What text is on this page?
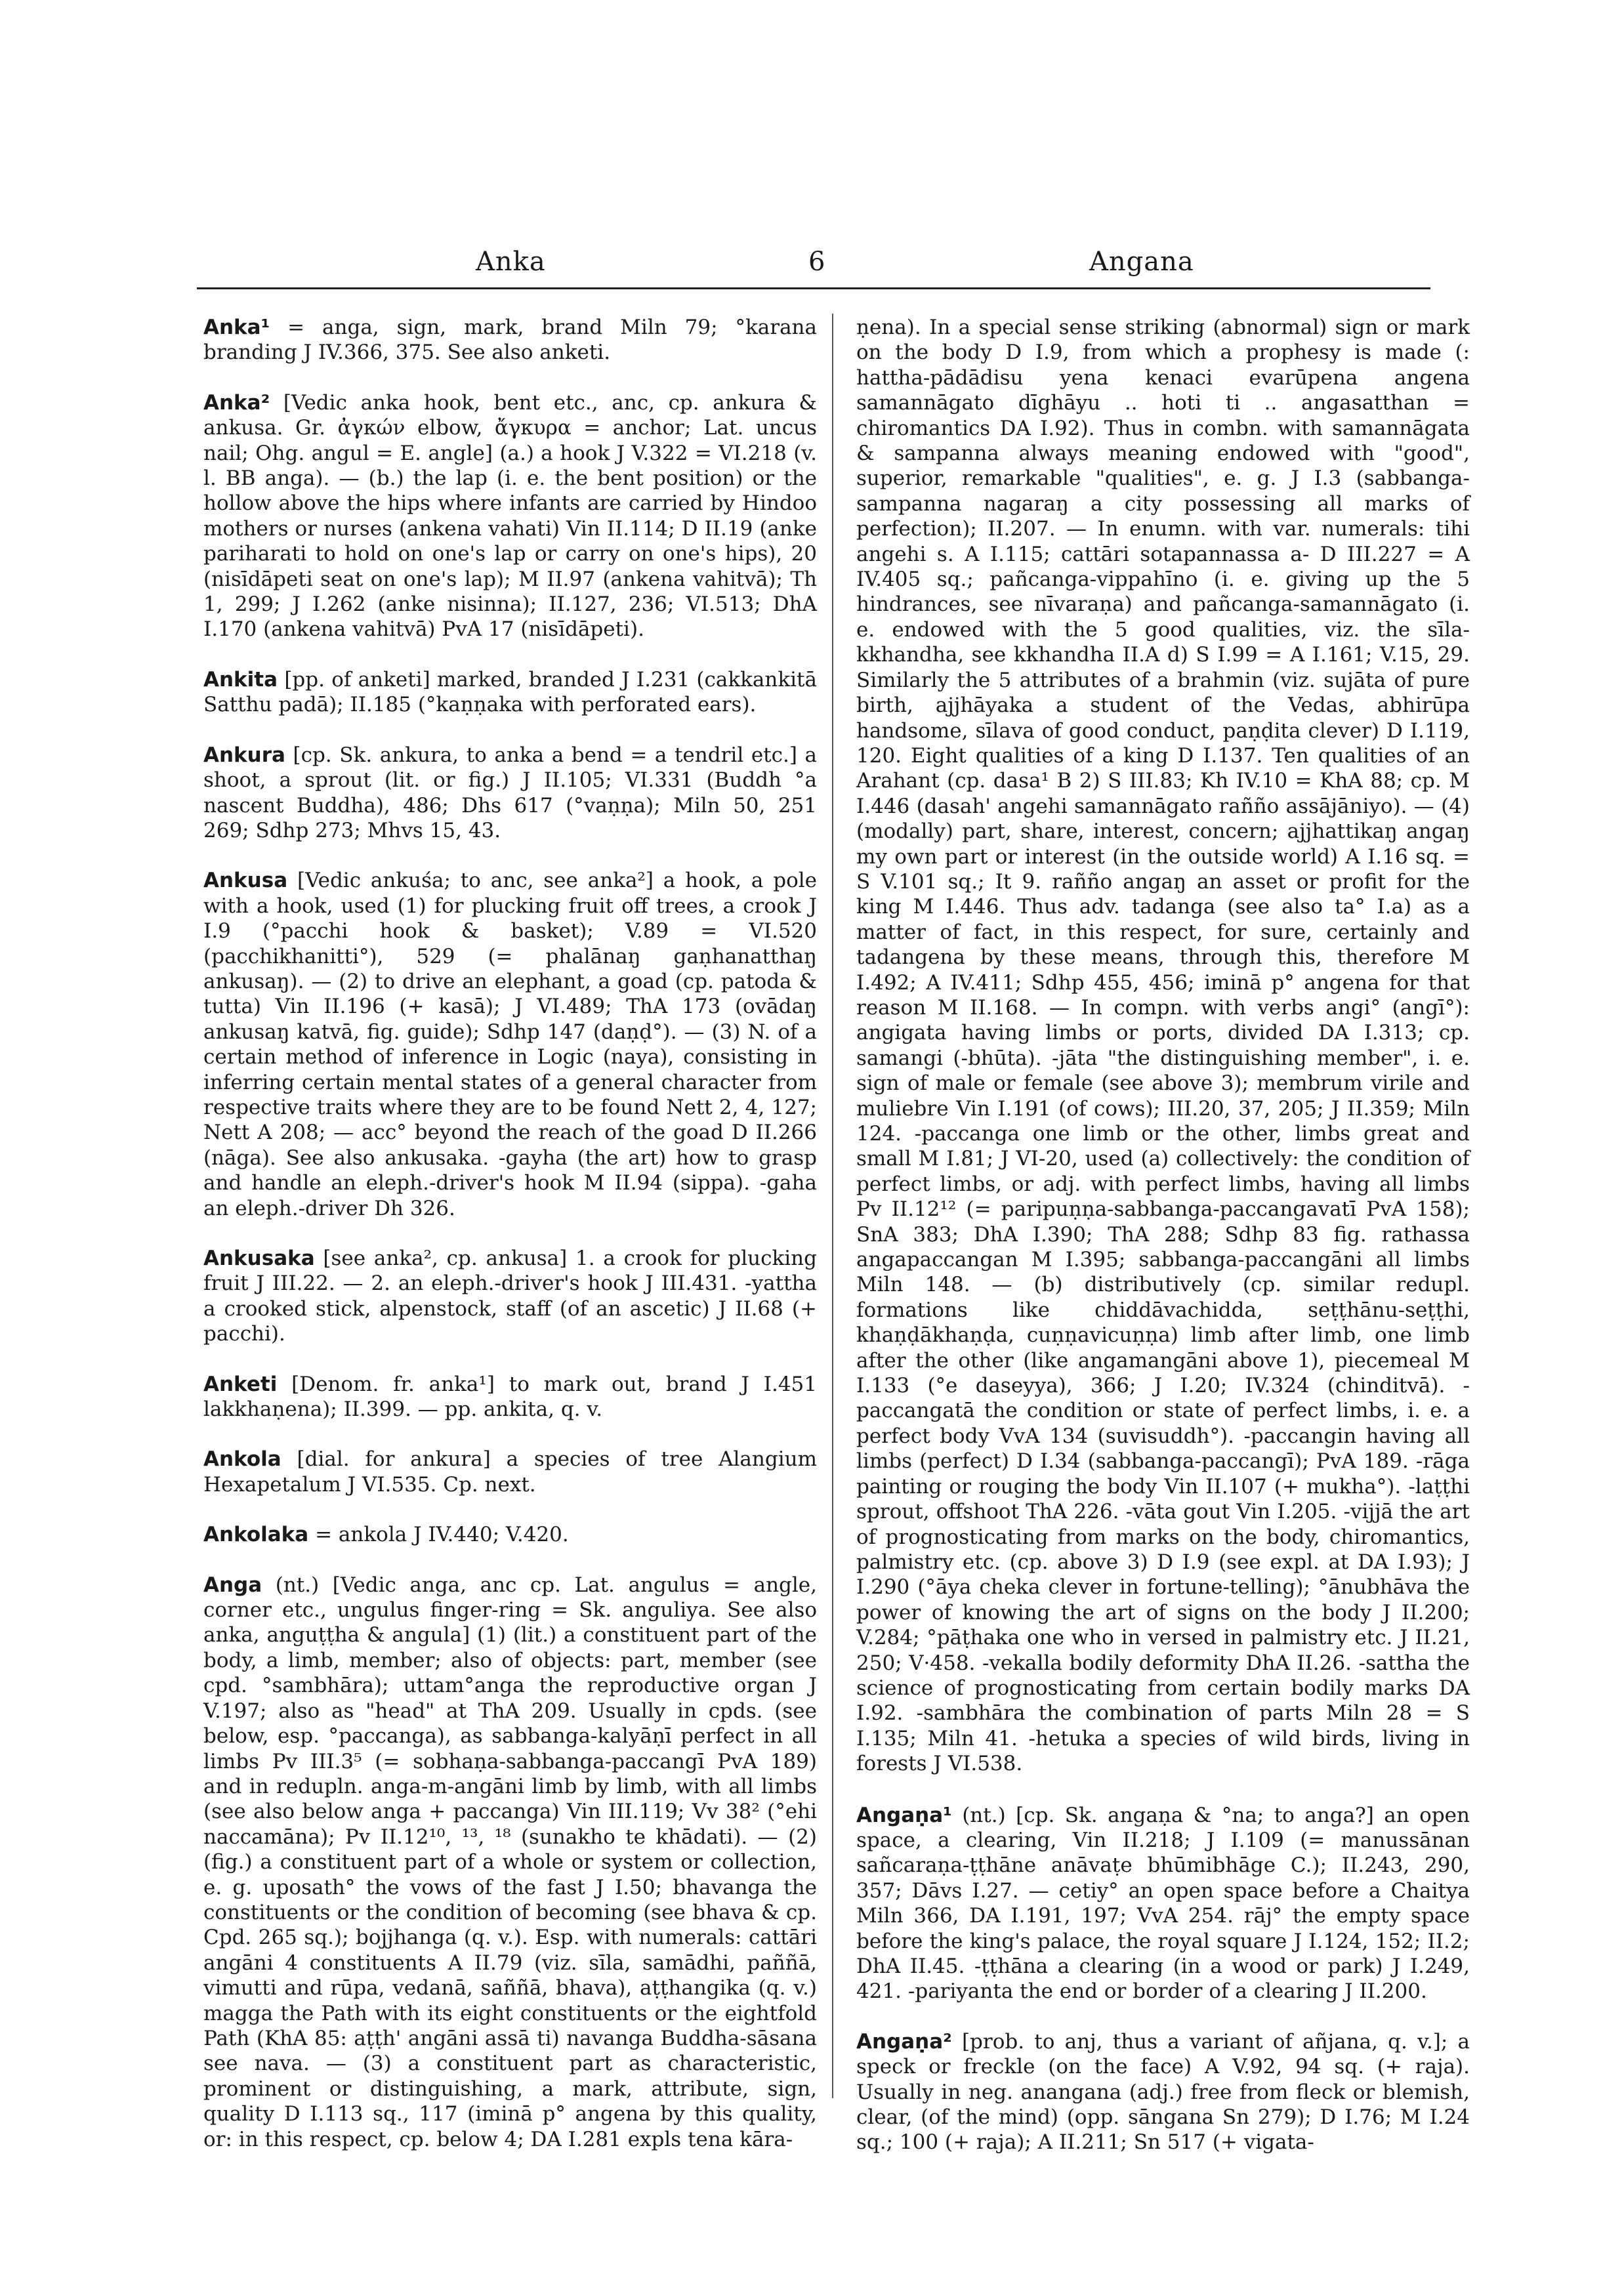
Anka	6	Angana
Anka¹ = anga, sign, mark, brand Miln 79; °karana branding J IV.366, 375. See also anketi.
Anka² [Vedic anka hook, bent etc., anc, cp. ankura & ankusa. Gr. ἀγκών elbow, ἄγκυρα = anchor; Lat. uncus nail; Ohg. angul = E. angle] (a.) a hook J V.322 = VI.218 (v. l. BB anga). — (b.) the lap (i. e. the bent position) or the hollow above the hips where infants are carried by Hindoo mothers or nurses (ankena vahati) Vin II.114; D II.19 (anke pariharati to hold on one's lap or carry on one's hips), 20 (nisīdāpeti seat on one's lap); M II.97 (ankena vahitvā); Th 1, 299; J I.262 (anke nisinna); II.127, 236; VI.513; DhA I.170 (ankena vahitvā) PvA 17 (nisīdāpeti).
Ankita [pp. of anketi] marked, branded J I.231 (cakkankitā Satthu padā); II.185 (°kaṇṇaka with perforated ears).
Ankura [cp. Sk. ankura, to anka a bend = a tendril etc.] a shoot, a sprout (lit. or fig.) J II.105; VI.331 (Buddh °a nascent Buddha), 486; Dhs 617 (°vaṇṇa); Miln 50, 251 269; Sdhp 273; Mhvs 15, 43.
Ankusa [Vedic ankuśa; to anc, see anka²] a hook, a pole with a hook, used (1) for plucking fruit off trees, a crook J I.9 (°pacchi hook & basket); V.89 = VI.520 (pacchikhanitti°), 529 (= phalānaŋ gaṇhanatthaŋ ankusaŋ). — (2) to drive an elephant, a goad (cp. patoda & tutta) Vin II.196 (+ kasā); J VI.489; ThA 173 (ovādaŋ ankusaŋ katvā, fig. guide); Sdhp 147 (daṇḍ°). — (3) N. of a certain method of inference in Logic (naya), consisting in inferring certain mental states of a general character from respective traits where they are to be found Nett 2, 4, 127; Nett A 208; — acc° beyond the reach of the goad D II.266 (nāga). See also ankusaka. -gayha (the art) how to grasp and handle an eleph.-driver's hook M II.94 (sippa). -gaha an eleph.-driver Dh 326.
Ankusaka [see anka², cp. ankusa] 1. a crook for plucking fruit J III.22. — 2. an eleph.-driver's hook J III.431. -yattha a crooked stick, alpenstock, staff (of an ascetic) J II.68 (+ pacchi).
Anketi [Denom. fr. anka¹] to mark out, brand J I.451 lakkhaṇena); II.399. — pp. ankita, q. v.
Ankola [dial. for ankura] a species of tree Alangium Hexapetalum J VI.535. Cp. next.
Ankolaka = ankola J IV.440; V.420.
Anga (nt.) [Vedic anga, anc cp. Lat. angulus = angle, corner etc., ungulus finger-ring = Sk. anguliya. See also anka, anguṭṭha & angula] (1) (lit.) a constituent part of the body, a limb, member; also of objects: part, member (see cpd. °sambhāra); uttam°anga the reproductive organ J V.197; also as "head" at ThA 209. Usually in cpds. (see below, esp. °paccanga), as sabbanga-kalyāṇī perfect in all limbs Pv III.3⁵ (= sobhaṇa-sabbanga-paccangī PvA 189) and in redupln. anga-m-angāni limb by limb, with all limbs (see also below anga + paccanga) Vin III.119; Vv 38² (°ehi naccamāna); Pv II.12¹⁰, ¹³, ¹⁸ (sunakho te khādati). — (2) (fig.) a constituent part of a whole or system or collection, e. g. uposath° the vows of the fast J I.50; bhavanga the constituents or the condition of becoming (see bhava & cp. Cpd. 265 sq.); bojjhanga (q. v.). Esp. with numerals: cattāri angāni 4 constituents A II.79 (viz. sīla, samādhi, paññā, vimutti and rūpa, vedanā, saññā, bhava), aṭṭhangika (q. v.) magga the Path with its eight constituents or the eightfold Path (KhA 85: aṭṭh' angāni assā ti) navanga Buddha-sāsana see nava. — (3) a constituent part as characteristic, prominent or distinguishing, a mark, attribute, sign, quality D I.113 sq., 117 (iminā p° angena by this quality, or: in this respect, cp. below 4; DA I.281 expls tena kāra-
ṇena). In a special sense striking (abnormal) sign or mark on the body D I.9, from which a prophesy is made (: hattha-pādādisu yena kenaci evarūpena angena samannāgato dīghāyu .. hoti ti .. angasatthan = chiromantics DA I.92). Thus in combn. with samannāgata & sampanna always meaning endowed with "good", superior, remarkable "qualities", e. g. J I.3 (sabbanga-sampanna nagaraŋ a city possessing all marks of perfection); II.207. — In enumn. with var. numerals: tihi angehi s. A I.115; cattāri sotapannassa a- D III.227 = A IV.405 sq.; pañcanga-vippahīno (i. e. giving up the 5 hindrances, see nīvaraṇa) and pañcanga-samannāgato (i. e. endowed with the 5 good qualities, viz. the sīla-kkhandha, see kkhandha II.A d) S I.99 = A I.161; V.15, 29. Similarly the 5 attributes of a brahmin (viz. sujāta of pure birth, ajjhāyaka a student of the Vedas, abhirūpa handsome, sīlava of good conduct, paṇḍita clever) D I.119, 120. Eight qualities of a king D I.137. Ten qualities of an Arahant (cp. dasa¹ B 2) S III.83; Kh IV.10 = KhA 88; cp. M I.446 (dasah' angehi samannāgato rañño assājāniyo). — (4) (modally) part, share, interest, concern; ajjhattikaŋ angaŋ my own part or interest (in the outside world) A I.16 sq. = S V.101 sq.; It 9. rañño angaŋ an asset or profit for the king M I.446. Thus adv. tadanga (see also ta° I.a) as a matter of fact, in this respect, for sure, certainly and tadangena by these means, through this, therefore M I.492; A IV.411; Sdhp 455, 456; iminā p° angena for that reason M II.168. — In compn. with verbs angi° (angī°): angigata having limbs or ports, divided DA I.313; cp. samangi (-bhūta). -jāta "the distinguishing member", i. e. sign of male or female (see above 3); membrum virile and muliebre Vin I.191 (of cows); III.20, 37, 205; J II.359; Miln 124. -paccanga one limb or the other, limbs great and small M I.81; J VI-20, used (a) collectively: the condition of perfect limbs, or adj. with perfect limbs, having all limbs Pv II.12¹² (= paripuṇṇa-sabbanga-paccangavatī PvA 158); SnA 383; DhA I.390; ThA 288; Sdhp 83 fig. rathassa angapaccangan M I.395; sabbanga-paccangāni all limbs Miln 148. — (b) distributively (cp. similar redupl. formations like chiddāvachidda, seṭṭhānu-seṭṭhi, khaṇḍākhaṇḍa, cuṇṇavicuṇṇa) limb after limb, one limb after the other (like angamangāni above 1), piecemeal M I.133 (°e daseyya), 366; J I.20; IV.324 (chinditvā). -paccangatā the condition or state of perfect limbs, i. e. a perfect body VvA 134 (suvisuddh°). -paccangin having all limbs (perfect) D I.34 (sabbanga-paccangī); PvA 189. -rāga painting or rouging the body Vin II.107 (+ mukha°). -laṭṭhi sprout, offshoot ThA 226. -vāta gout Vin I.205. -vijjā the art of prognosticating from marks on the body, chiromantics, palmistry etc. (cp. above 3) D I.9 (see expl. at DA I.93); J I.290 (°āya cheka clever in fortune-telling); °ānubhāva the power of knowing the art of signs on the body J II.200; V.284; °pāṭhaka one who in versed in palmistry etc. J II.21, 250; V·458. -vekalla bodily deformity DhA II.26. -sattha the science of prognosticating from certain bodily marks DA I.92. -sambhāra the combination of parts Miln 28 = S I.135; Miln 41. -hetuka a species of wild birds, living in forests J VI.538.
Angaṇa¹ (nt.) [cp. Sk. angaṇa & °na; to anga?] an open space, a clearing, Vin II.218; J I.109 (= manussānan sañcaraṇa-ṭṭhāne anāvaṭe bhūmibhāge C.); II.243, 290, 357; Dāvs I.27. — cetiy° an open space before a Chaitya Miln 366, DA I.191, 197; VvA 254. rāj° the empty space before the king's palace, the royal square J I.124, 152; II.2; DhA II.45. -ṭṭhāna a clearing (in a wood or park) J I.249, 421. -pariyanta the end or border of a clearing J II.200.
Angaṇa² [prob. to anj, thus a variant of añjana, q. v.]; a speck or freckle (on the face) A V.92, 94 sq. (+ raja). Usually in neg. anangana (adj.) free from fleck or blemish, clear, (of the mind) (opp. sāngana Sn 279); D I.76; M I.24 sq.; 100 (+ raja); A II.211; Sn 517 (+ vigata-
